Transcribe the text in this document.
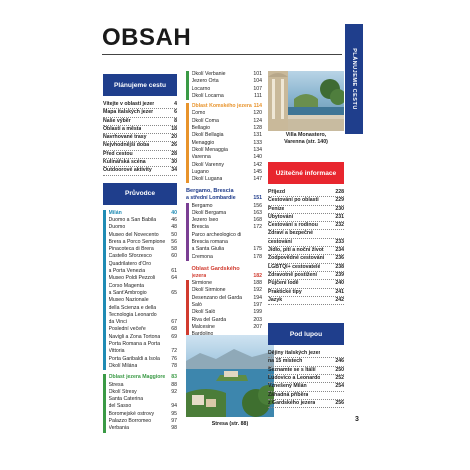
OBSAH
PLÁNUJEME CESTU
Plánujeme cestu
Vítejte v oblasti jezer	4
Mapa italských jezer	6
Naše výběr	8
Oblasti a města	18
Navrhované trasy	20
Nejvhodnější doba	26
Před cestou	28
Kulinářská scéna	30
Outdoorové aktivity	34
Průvodce
Milán	40
Duomo a San Babila	46
Duomo	48
Museo del Novecento 50
Brera a Porco Sempione 56
Pinacoteca di Brera	58
Castello Sforzesco	60
Quadrilatero d'Oro
a Porta Venezia	61
Museo Poldi Pezzoli	64
Corso Magenta
a Sant'Ambrogio	65
Museo Nazionale
della Scienza e della
Tecnologia Leonardo
da Vinci	67
Poslední večeře	68
Navigli a Zona Tortona 69
Porta Romana a Porta
Vittoria	72
Porta Garibaldi a Isola 76
Okolí Milána	78
Oblast jezera Maggiore 83
Stresa	88
Okolí Stresy	92
Santa Caterina
del Sasso	94
Boromejské ostrovy	95
Palazzo Borromeo	97
Verbania	98
Okolí Verbanie	101
Jezero Orta	104
Locarno	107
Okolí Locarna	111
Oblast Komského jezera 114
Como	120
Okolí Coma	124
Bellagio	128
Okolí Bellagia	131
Menaggio	133
Okolí Menaggia	134
Varenna	140
Okolí Varenny	142
Lugano	145
Okolí Lugana	147
Bergamo, Brescia
a střední Lombardie	151
Bergamo	156
Okolí Bergama	163
Jezero Iseo	168
Brescia	172
Parco archeologico di
Brescia romana
a Santa Giulia	175
Cremona	178
Oblast Gardského
jezera	182
Sirmione	188
Okolí Sirmione	192
Desenzano del Garda 194
Salò	197
Okolí Salò	199
Riva del Garda	203
Malcesine	207
Villa Monastero,
Varenna (str. 140)
Stresa (str. 88)
Užitečné informace
Příjezd	228
Cestování po oblasti	229
Peníze	230
Ubytování	231
Cestování s rodinou	232
Zdraví a bezpečné
cestování	233
Jídlo, pití a noční život 234
Zodpovědné cestování 236
LGBTQI+ cestovatelé	238
Zdravotně postižení	239
Půjčení lodě	240
Praktické tipy	241
Jazyk	242
Pod lupou
Dějiny italských jezer
na 15 místech	246
Seznamte se s Itálií	250
Ludovico a Leonardo	252
Vznešený Milán	254
Záhadná příběra
z Gardského jezera	256
3
